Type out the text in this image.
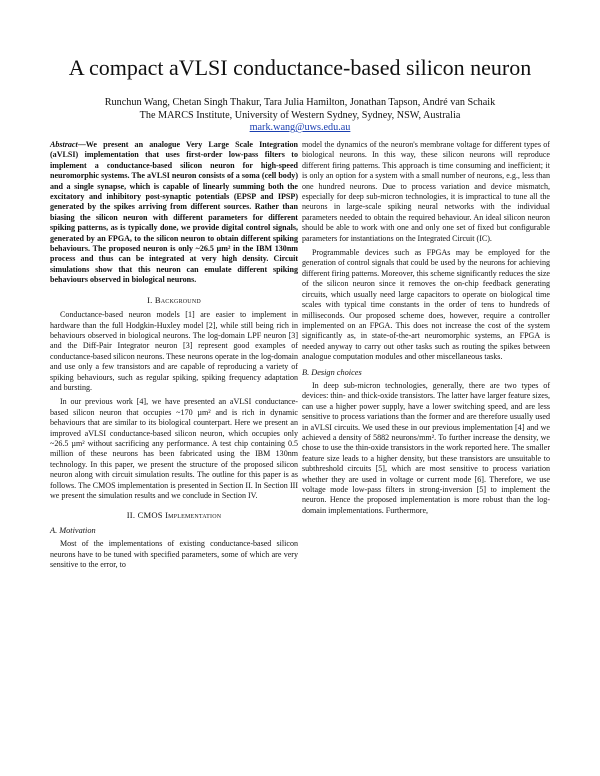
A compact aVLSI conductance-based silicon neuron
Runchun Wang, Chetan Singh Thakur, Tara Julia Hamilton, Jonathan Tapson, André van Schaik
The MARCS Institute, University of Western Sydney, Sydney, NSW, Australia
mark.wang@uws.edu.au

Abstract—We present an analogue Very Large Scale Integration (aVLSI) implementation that uses first-order low-pass filters to implement a conductance-based silicon neuron for high-speed neuromorphic systems. The aVLSI neuron consists of a soma (cell body) and a single synapse, which is capable of linearly summing both the excitatory and inhibitory post-synaptic potentials (EPSP and IPSP) generated by the spikes arriving from different sources. Rather than biasing the silicon neuron with different parameters for different spiking patterns, as is typically done, we provide digital control signals, generated by an FPGA, to the silicon neuron to obtain different spiking behaviours. The proposed neuron is only ~26.5 µm² in the IBM 130nm process and thus can be integrated at very high density. Circuit simulations show that this neuron can emulate different spiking behaviours observed in biological neurons.

I. Background

Conductance-based neuron models [1] are easier to implement in hardware than the full Hodgkin-Huxley model [2], while still being rich in behaviours observed in biological neurons. The log-domain LPF neuron [3] and the Diff-Pair Integrator neuron [3] represent good examples of conductance-based silicon neurons. These neurons operate in the log-domain and use only a few transistors and are capable of reproducing a variety of spiking behaviours, such as regular spiking, spiking frequency adaptation and bursting.

In our previous work [4], we have presented an aVLSI conductance-based silicon neuron that occupies ~170 µm² and is rich in dynamic behaviours that are similar to its biological counterpart. Here we present an improved aVLSI conductance-based silicon neuron, which occupies only ~26.5 µm² without sacrificing any performance. A test chip containing 0.5 million of these neurons has been fabricated using the IBM 130nm technology. In this paper, we present the structure of the proposed silicon neuron along with circuit simulation results. The outline for this paper is as follows. The CMOS implementation is presented in Section II. In Section III we present the simulation results and we conclude in Section IV.

II. CMOS Implementation
A. Motivation

Most of the implementations of existing conductance-based silicon neurons have to be tuned with specified parameters, some of which are very sensitive to the error, to

model the dynamics of the neuron's membrane voltage for different types of biological neurons. In this way, these silicon neurons will reproduce different firing patterns. This approach is time consuming and inefficient; it is only an option for a system with a small number of neurons, e.g., less than one hundred neurons. Due to process variation and device mismatch, especially for deep sub-micron technologies, it is impractical to tune all the neurons in large-scale spiking neural networks with the individual parameters needed to obtain the required behaviour. An ideal silicon neuron should be able to work with one and only one set of fixed but configurable parameters for instantiations on the Integrated Circuit (IC).

Programmable devices such as FPGAs may be employed for the generation of control signals that could be used by the neurons for achieving different firing patterns. Moreover, this scheme significantly reduces the size of the silicon neuron since it removes the on-chip feedback generating circuits, which usually need large capacitors to operate on biological time scales with typical time constants in the order of tens to hundreds of milliseconds. Our proposed scheme does, however, require a controller implemented on an FPGA. This does not increase the cost of the system significantly as, in state-of-the-art neuromorphic systems, an FPGA is needed anyway to carry out other tasks such as routing the spikes between analogue computation modules and other miscellaneous tasks.

B. Design choices

In deep sub-micron technologies, generally, there are two types of devices: thin- and thick-oxide transistors. The latter have larger feature sizes, can use a higher power supply, have a lower switching speed, and are less sensitive to process variations than the former and are therefore usually used in aVLSI circuits. We used these in our previous implementation [4] and we achieved a density of 5882 neurons/mm². To further increase the density, we chose to use the thin-oxide transistors in the work reported here. The smaller feature size leads to a higher density, but these transistors are unsuitable to subthreshold circuits [5], which are most sensitive to process variation whether they are used in voltage or current mode [6]. Therefore, we use voltage mode low-pass filters in strong-inversion [5] to implement the neuron. Hence the proposed implementation is more robust than the log-domain implementations. Furthermore,
